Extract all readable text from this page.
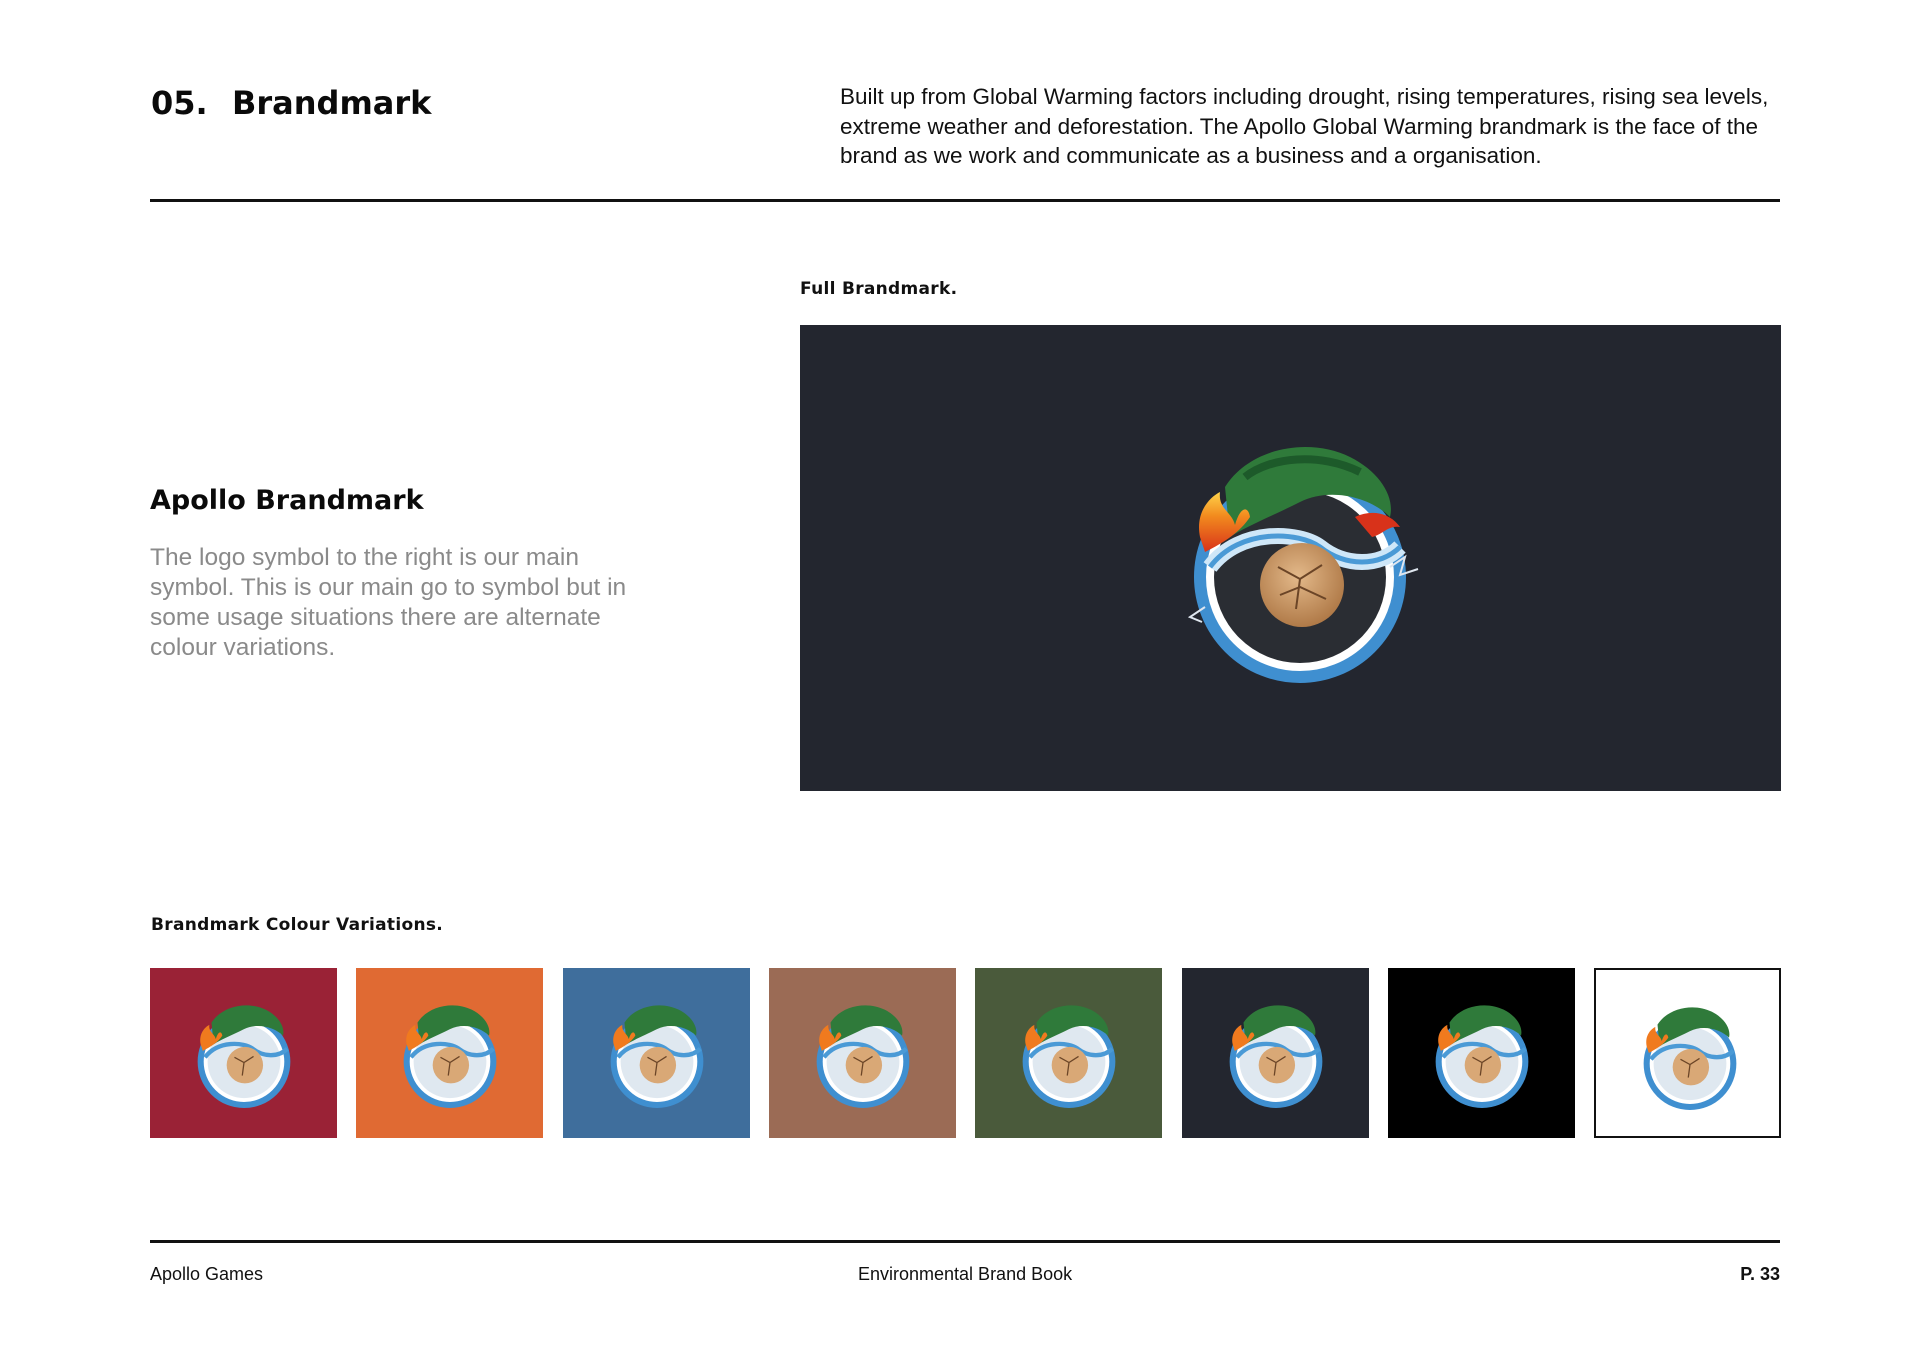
05. Brandmark	Built up from Global Warming factors including drought, rising temperatures, rising sea levels, extreme weather and deforestation. The Apollo Global Warming brandmark is the face of the brand as we work and communicate as a business and a organisation.
Apollo Brandmark
The logo symbol to the right is our main symbol. This is our main go to symbol but in some usage situations there are alternate colour variations.
Full Brandmark.
Brandmark Colour Variations.
Apollo Games	Environmental Brand Book	P. 33
